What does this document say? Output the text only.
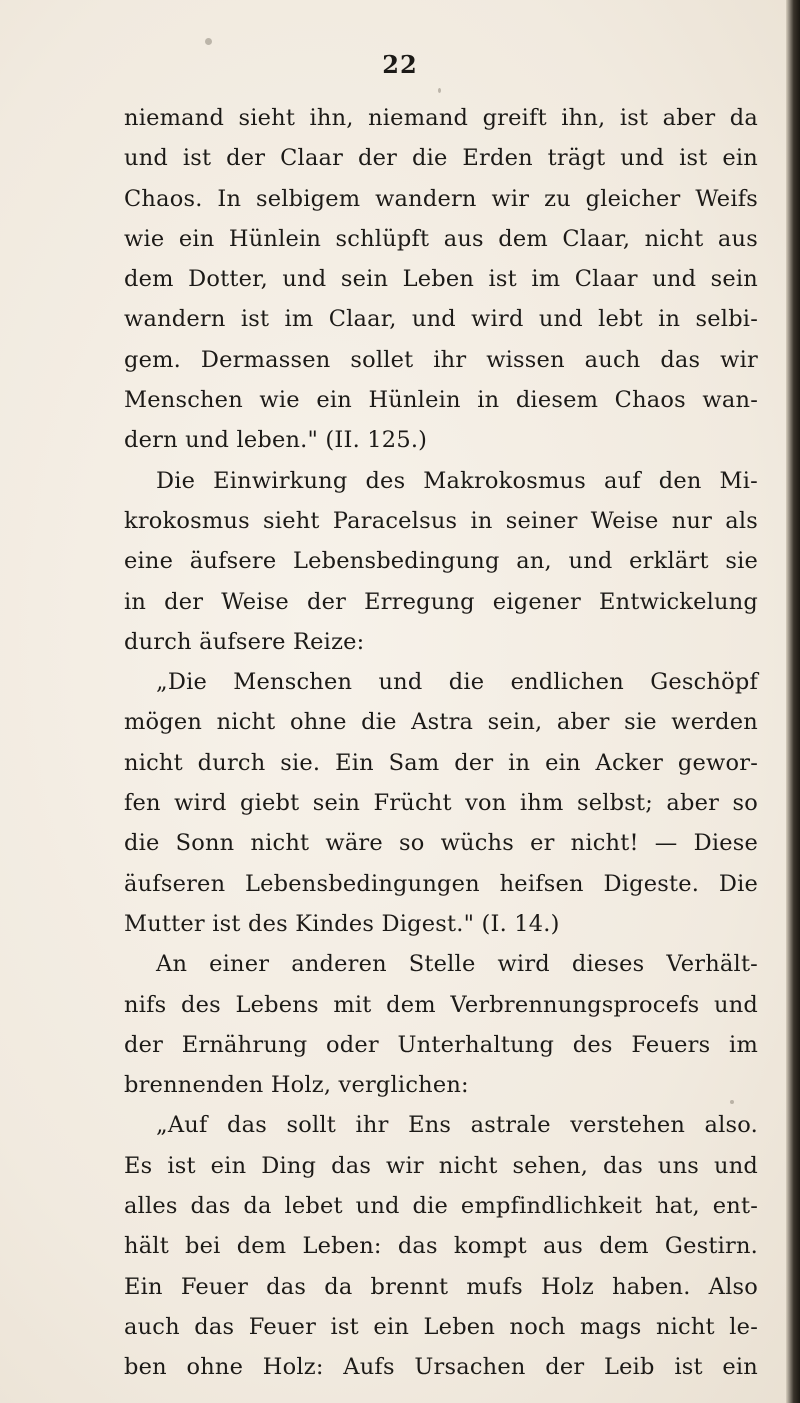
22
niemand sieht ihn, niemand greift ihn, ist aber da
und ist der Claar der die Erden trägt und ist ein
Chaos. In selbigem wandern wir zu gleicher Weifs
wie ein Hünlein schlüpft aus dem Claar, nicht aus
dem Dotter, und sein Leben ist im Claar und sein
wandern ist im Claar, und wird und lebt in selbi-
gem. Dermassen sollet ihr wissen auch das wir
Menschen wie ein Hünlein in diesem Chaos wan-
dern und leben." (II. 125.)
Die Einwirkung des Makrokosmus auf den Mi-
krokosmus sieht Paracelsus in seiner Weise nur als
eine äufsere Lebensbedingung an, und erklärt sie
in der Weise der Erregung eigener Entwickelung
durch äufsere Reize:
„Die Menschen und die endlichen Geschöpf
mögen nicht ohne die Astra sein, aber sie werden
nicht durch sie. Ein Sam der in ein Acker gewor-
fen wird giebt sein Frücht von ihm selbst; aber so
die Sonn nicht wäre so wüchs er nicht! — Diese
äufseren Lebensbedingungen heifsen Digeste. Die
Mutter ist des Kindes Digest." (I. 14.)
An einer anderen Stelle wird dieses Verhält-
nifs des Lebens mit dem Verbrennungsprocefs und
der Ernährung oder Unterhaltung des Feuers im
brennenden Holz, verglichen:
„Auf das sollt ihr Ens astrale verstehen also.
Es ist ein Ding das wir nicht sehen, das uns und
alles das da lebet und die empfindlichkeit hat, ent-
hält bei dem Leben: das kompt aus dem Gestirn.
Ein Feuer das da brennt mufs Holz haben. Also
auch das Feuer ist ein Leben noch mags nicht le-
ben ohne Holz: Aufs Ursachen der Leib ist ein
